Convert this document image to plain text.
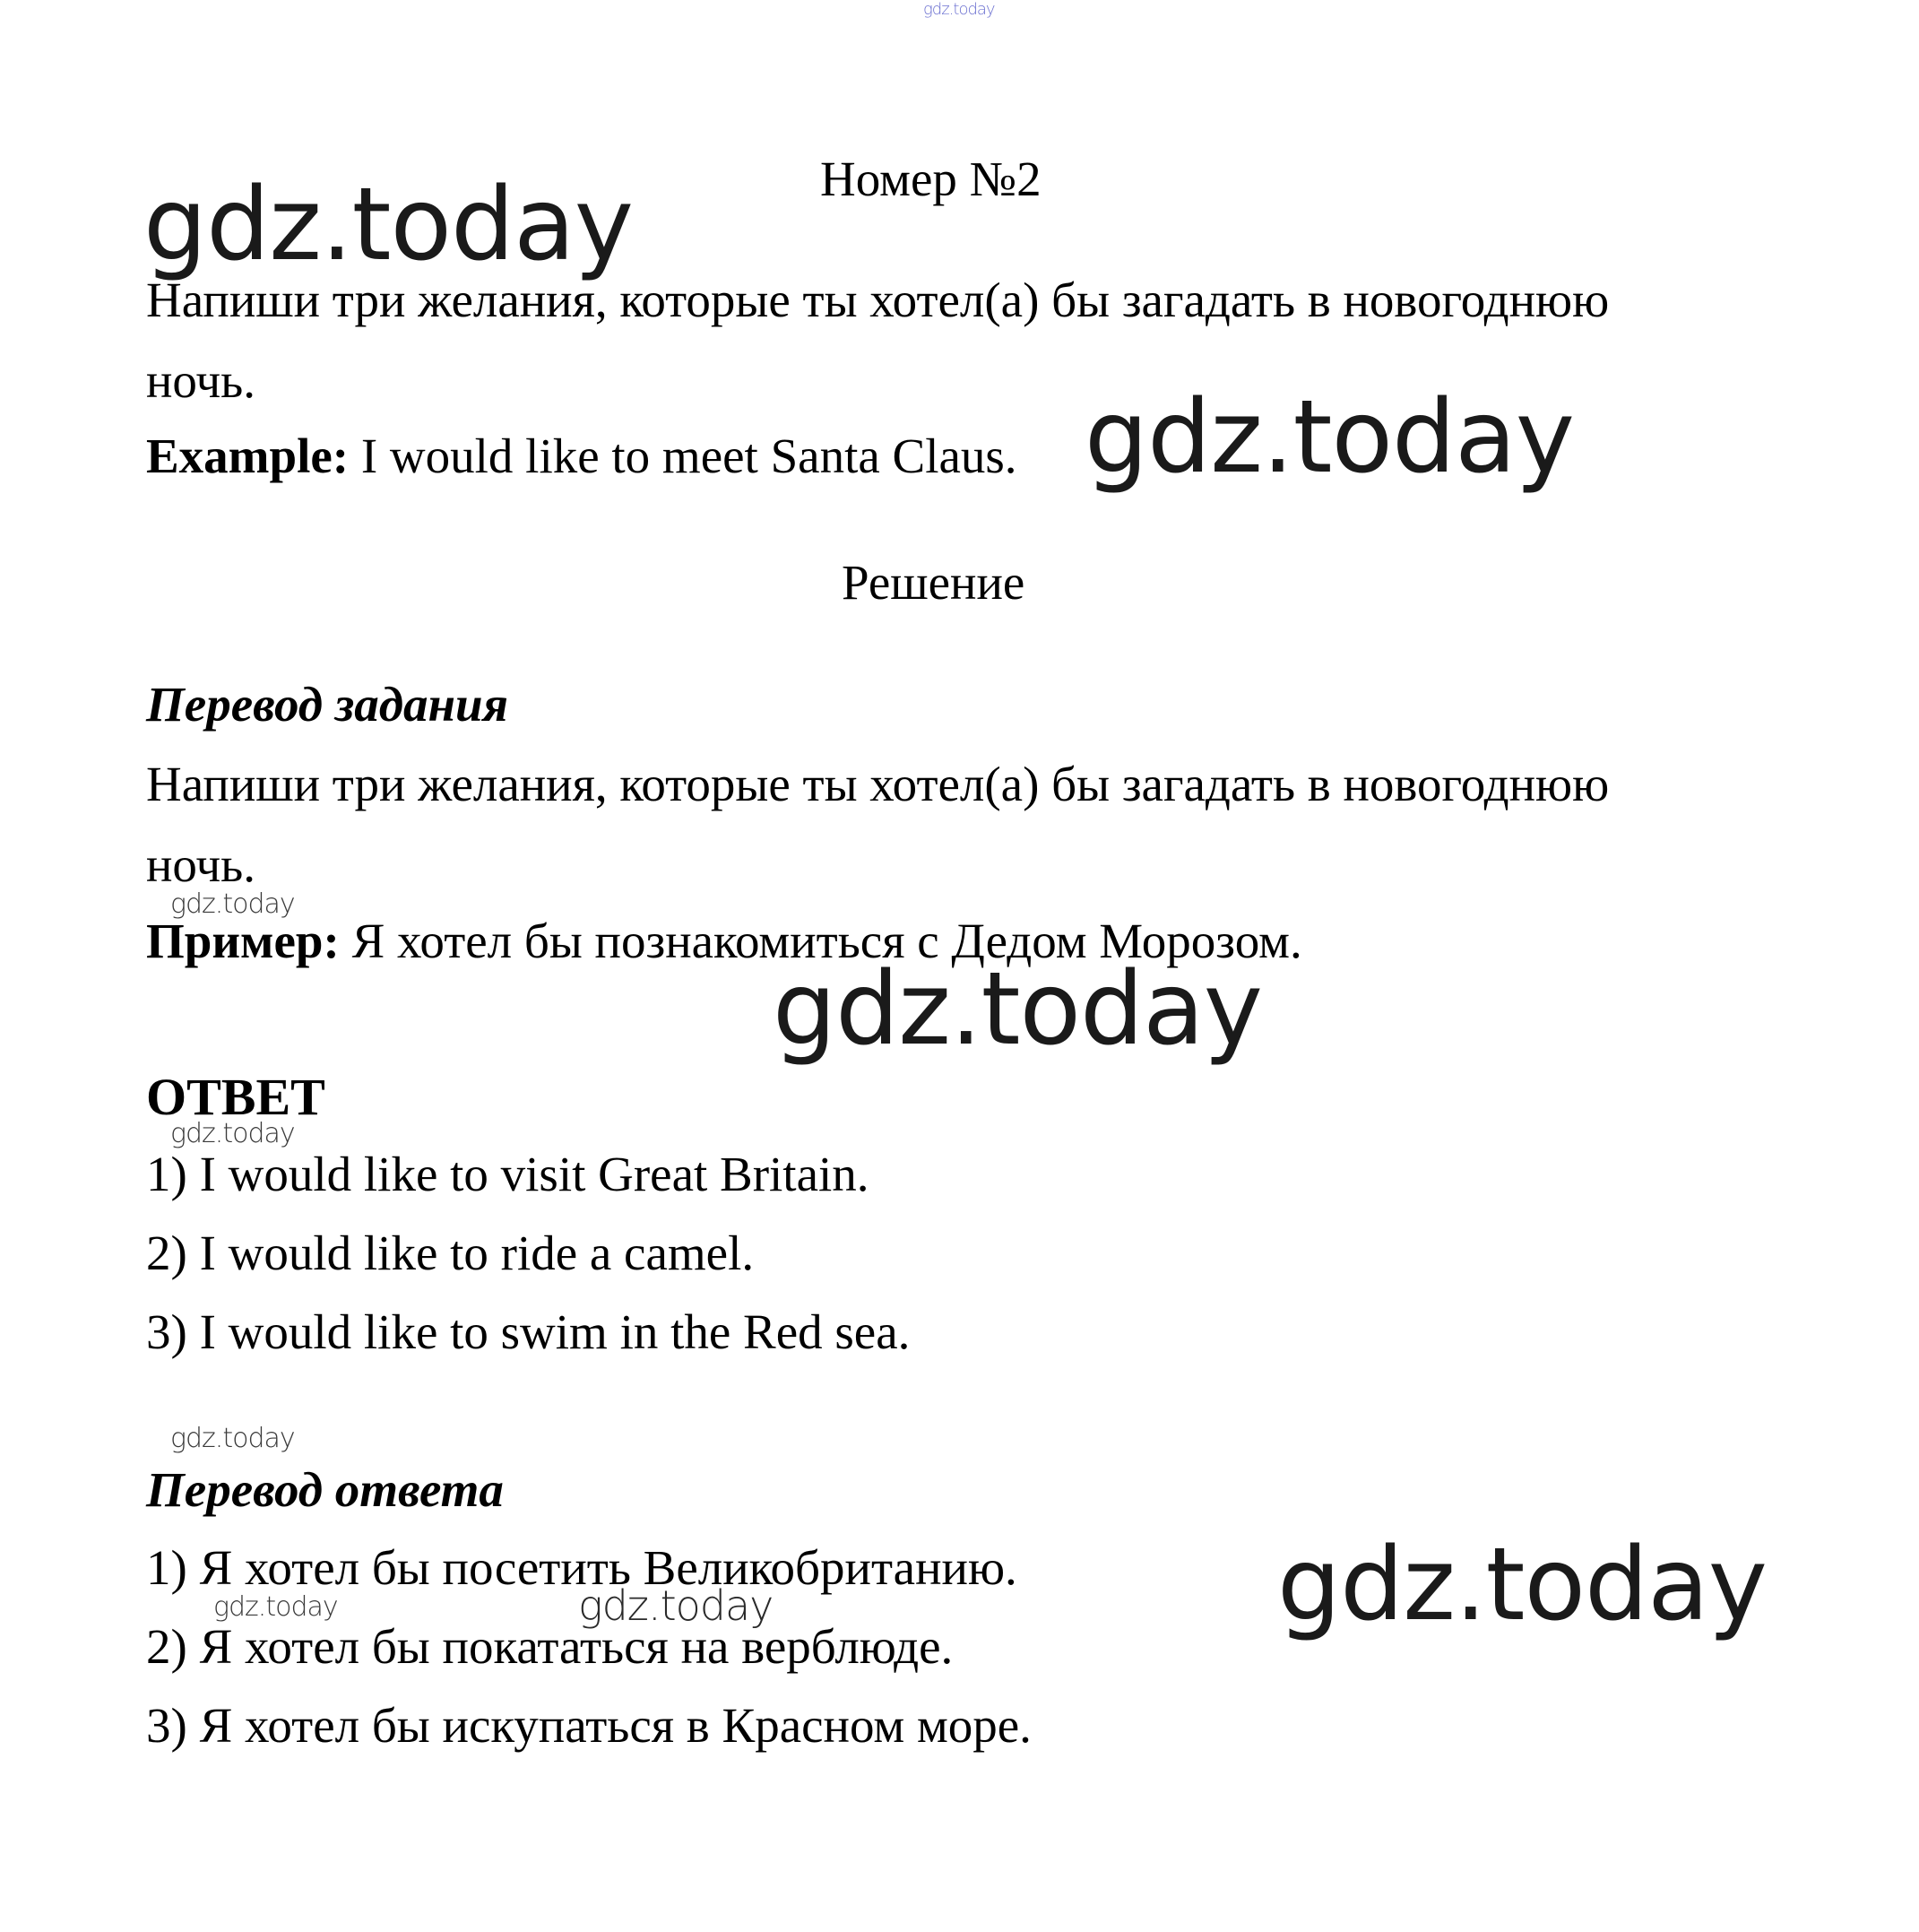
gdz.today
Номер №2
gdz.today
Напиши три желания, которые ты хотел(а) бы загадать в новогоднюю
ночь.
Example: I would like to meet Santa Claus. gdz.today
Решение
Перевод задания
Напиши три желания, которые ты хотел(а) бы загадать в новогоднюю
ночь.
gdz.today
Пример: Я хотел бы познакомиться с Дедом Морозом.
gdz.today
ОТВЕТ
gdz.today
1) I would like to visit Great Britain.
2) I would like to ride a camel.
3) I would like to swim in the Red sea.
gdz.today
Перевод ответа
1) Я хотел бы посетить Великобританию.
2) Я хотел бы покататься на верблюде.
3) Я хотел бы искупаться в Красном море.
gdz.today	gdz.today	gdz.today
